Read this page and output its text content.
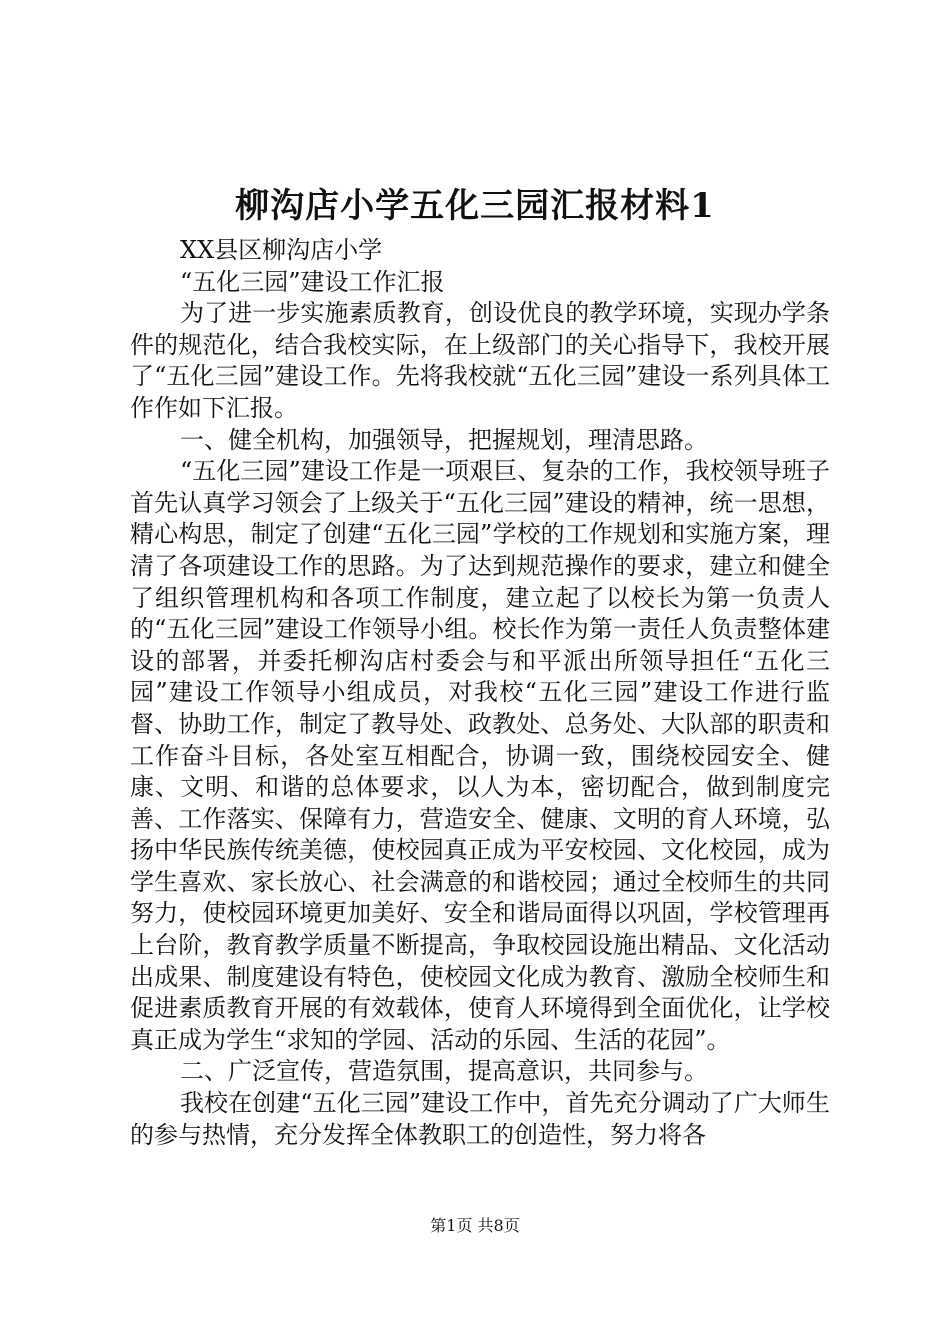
柳沟店小学五化三园汇报材料1

XX县区柳沟店小学

“五化三园”建设工作汇报

为了进一步实施素质教育，创设优良的教学环境，实现办学条件的规范化，结合我校实际，在上级部门的关心指导下，我校开展了“五化三园”建设工作。先将我校就“五化三园”建设一系列具体工作作如下汇报。

一、健全机构，加强领导，把握规划，理清思路。

“五化三园”建设工作是一项艰巨、复杂的工作，我校领导班子首先认真学习领会了上级关于“五化三园”建设的精神，统一思想，精心构思，制定了创建“五化三园”学校的工作规划和实施方案，理清了各项建设工作的思路。为了达到规范操作的要求，建立和健全了组织管理机构和各项工作制度，建立起了以校长为第一负责人的“五化三园”建设工作领导小组。校长作为第一责任人负责整体建设的部署，并委托柳沟店村委会与和平派出所领导担任“五化三园”建设工作领导小组成员，对我校“五化三园”建设工作进行监督、协助工作，制定了教导处、政教处、总务处、大队部的职责和工作奋斗目标，各处室互相配合，协调一致，围绕校园安全、健康、文明、和谐的总体要求，以人为本，密切配合，做到制度完善、工作落实、保障有力，营造安全、健康、文明的育人环境，弘扬中华民族传统美德，使校园真正成为平安校园、文化校园，成为学生喜欢、家长放心、社会满意的和谐校园；通过全校师生的共同努力，使校园环境更加美好、安全和谐局面得以巩固，学校管理再上台阶，教育教学质量不断提高，争取校园设施出精品、文化活动出成果、制度建设有特色，使校园文化成为教育、激励全校师生和促进素质教育开展的有效载体，使育人环境得到全面优化，让学校真正成为学生“求知的学园、活动的乐园、生活的花园”。

二、广泛宣传，营造氛围，提高意识，共同参与。

我校在创建“五化三园”建设工作中，首先充分调动了广大师生的参与热情，充分发挥全体教职工的创造性，努力将各

第1页 共8页
